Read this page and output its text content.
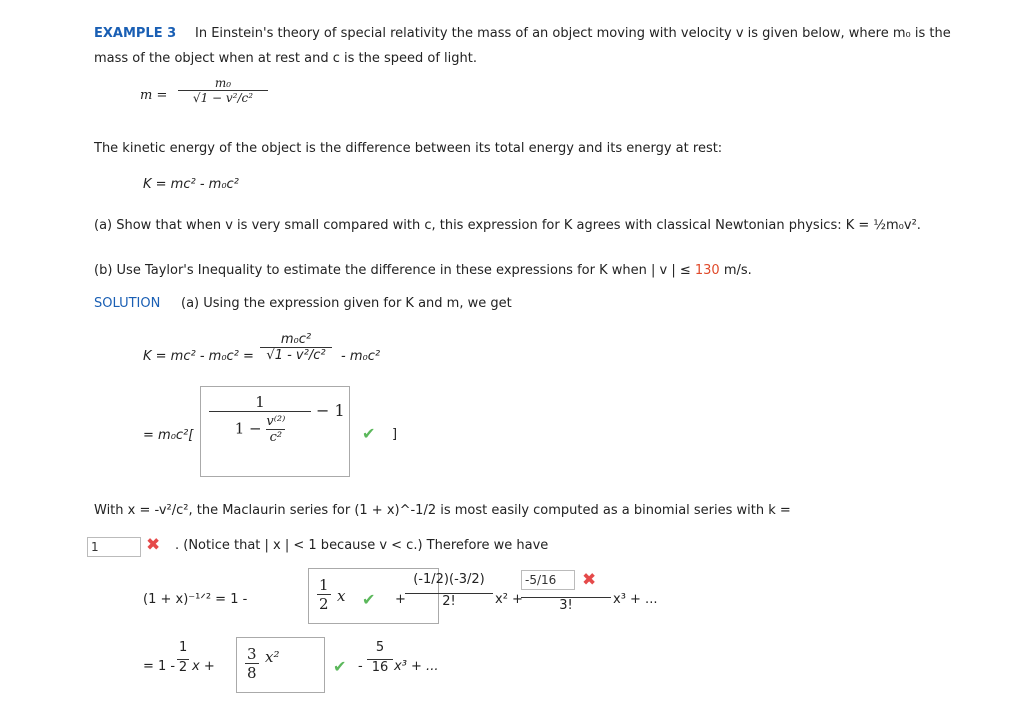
EXAMPLE 3 In Einstein's theory of special relativity the mass of an object moving with velocity v is given below, where m₀ is the
mass of the object when at rest and c is the speed of light.
$m = \frac{\text{m₀}}{\text{√1 − v²/c²}}$
The kinetic energy of the object is the difference between its total energy and its energy at rest:
K = mc² - m₀c²
(a) Show that when v is very small compared with c, this expression for K agrees with classical Newtonian physics: K = ½m₀v².
(b) Use Taylor's Inequality to estimate the difference in these expressions for K when | v | ≤ 130 m/s.
SOLUTION (a) Using the expression given for K and m, we get
$K = mc^2 - m_0c^2 = \frac{\text{m₀c²}}{\text{√1 - v²/c²}} - m_0c^2$
= $m_0c^2[ \frac{1}{1 - \frac{\text{v⁽²⁾}}{\text{c²}}} - 1$
✔ ]
With x = -v²/c², the Maclaurin series for (1 + x)^-1/2 is most easily computed as a binomial series with k =
1	✖ . (Notice that | x | < 1 because v < c.) Therefore we have
(1 + x)⁻¹ᐟ² = 1 -	$\frac{1}{2}$ x ✔ + $\frac{(-1/2)(-3/2)}{2!} x^2$ +
$\frac{-5/16}{3!}$
✖
x³ + ...
= $1 - \frac{1}{2}$ $x + \frac{3}{8} x^2$	✔ - $\frac{5}{16} x^3$ + ...
